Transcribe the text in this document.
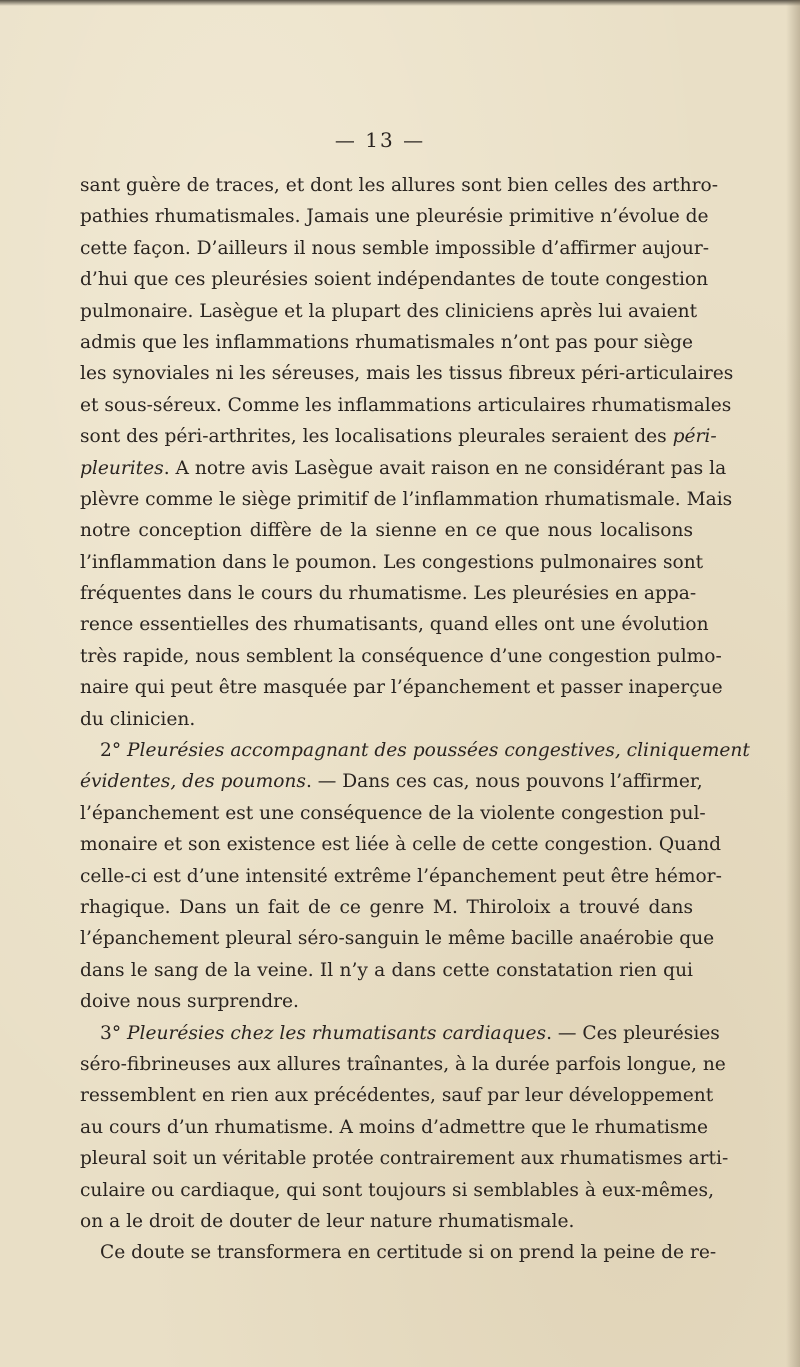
— 13 —
sant guère de traces, et dont les allures sont bien celles des arthro-
pathies rhumatismales. Jamais une pleurésie primitive n’évolue de
cette façon. D’ailleurs il nous semble impossible d’affirmer aujour-
d’hui que ces pleurésies soient indépendantes de toute congestion
pulmonaire. Lasègue et la plupart des cliniciens après lui avaient
admis que les inflammations rhumatismales n’ont pas pour siège
les synoviales ni les séreuses, mais les tissus fibreux péri-articulaires
et sous-séreux. Comme les inflammations articulaires rhumatismales
sont des péri-arthrites, les localisations pleurales seraient des péri-
pleurites. A notre avis Lasègue avait raison en ne considérant pas la
plèvre comme le siège primitif de l’inflammation rhumatismale. Mais
notre conception diffère de la sienne en ce que nous localisons
l’inflammation dans le poumon. Les congestions pulmonaires sont
fréquentes dans le cours du rhumatisme. Les pleurésies en appa-
rence essentielles des rhumatisants, quand elles ont une évolution
très rapide, nous semblent la conséquence d’une congestion pulmo-
naire qui peut être masquée par l’épanchement et passer inaperçue
du clinicien.
2° Pleurésies accompagnant des poussées congestives, cliniquement
évidentes, des poumons. — Dans ces cas, nous pouvons l’affirmer,
l’épanchement est une conséquence de la violente congestion pul-
monaire et son existence est liée à celle de cette congestion. Quand
celle-ci est d’une intensité extrême l’épanchement peut être hémor-
rhagique. Dans un fait de ce genre M. Thiroloix a trouvé dans
l’épanchement pleural séro-sanguin le même bacille anaérobie que
dans le sang de la veine. Il n’y a dans cette constatation rien qui
doive nous surprendre.
3° Pleurésies chez les rhumatisants cardiaques. — Ces pleurésies
séro-fibrineuses aux allures traînantes, à la durée parfois longue, ne
ressemblent en rien aux précédentes, sauf par leur développement
au cours d’un rhumatisme. A moins d’admettre que le rhumatisme
pleural soit un véritable protée contrairement aux rhumatismes arti-
culaire ou cardiaque, qui sont toujours si semblables à eux-mêmes,
on a le droit de douter de leur nature rhumatismale.
Ce doute se transformera en certitude si on prend la peine de re-
